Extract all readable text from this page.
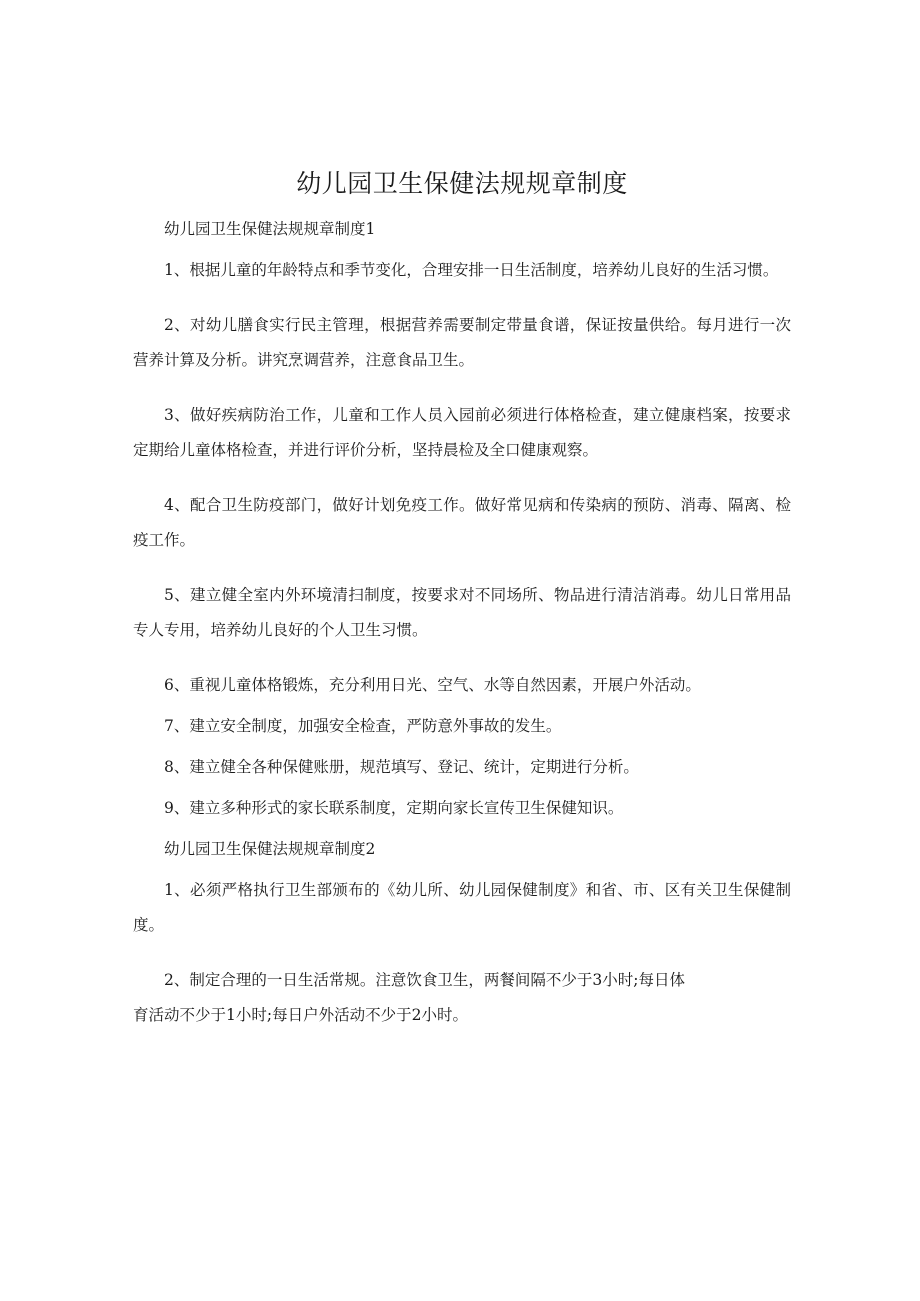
幼儿园卫生保健法规规章制度

幼儿园卫生保健法规规章制度1

1、根据儿童的年龄特点和季节变化，合理安排一日生活制度，培养幼儿良好的生活习惯。

2、对幼儿膳食实行民主管理，根据营养需要制定带量食谱，保证按量供给。每月进行一次营养计算及分析。讲究烹调营养，注意食品卫生。

3、做好疾病防治工作，儿童和工作人员入园前必须进行体格检查，建立健康档案，按要求定期给儿童体格检查，并进行评价分析，坚持晨检及全口健康观察。

4、配合卫生防疫部门，做好计划免疫工作。做好常见病和传染病的预防、消毒、隔离、检疫工作。

5、建立健全室内外环境清扫制度，按要求对不同场所、物品进行清洁消毒。幼儿日常用品专人专用，培养幼儿良好的个人卫生习惯。

6、重视儿童体格锻炼，充分利用日光、空气、水等自然因素，开展户外活动。

7、建立安全制度，加强安全检查，严防意外事故的发生。

8、建立健全各种保健账册，规范填写、登记、统计，定期进行分析。

9、建立多种形式的家长联系制度，定期向家长宣传卫生保健知识。

幼儿园卫生保健法规规章制度2

1、必须严格执行卫生部颁布的《幼儿所、幼儿园保健制度》和省、市、区有关卫生保健制度。

2、制定合理的一日生活常规。注意饮食卫生，两餐间隔不少于3小时;每日体

育活动不少于1小时;每日户外活动不少于2小时。
